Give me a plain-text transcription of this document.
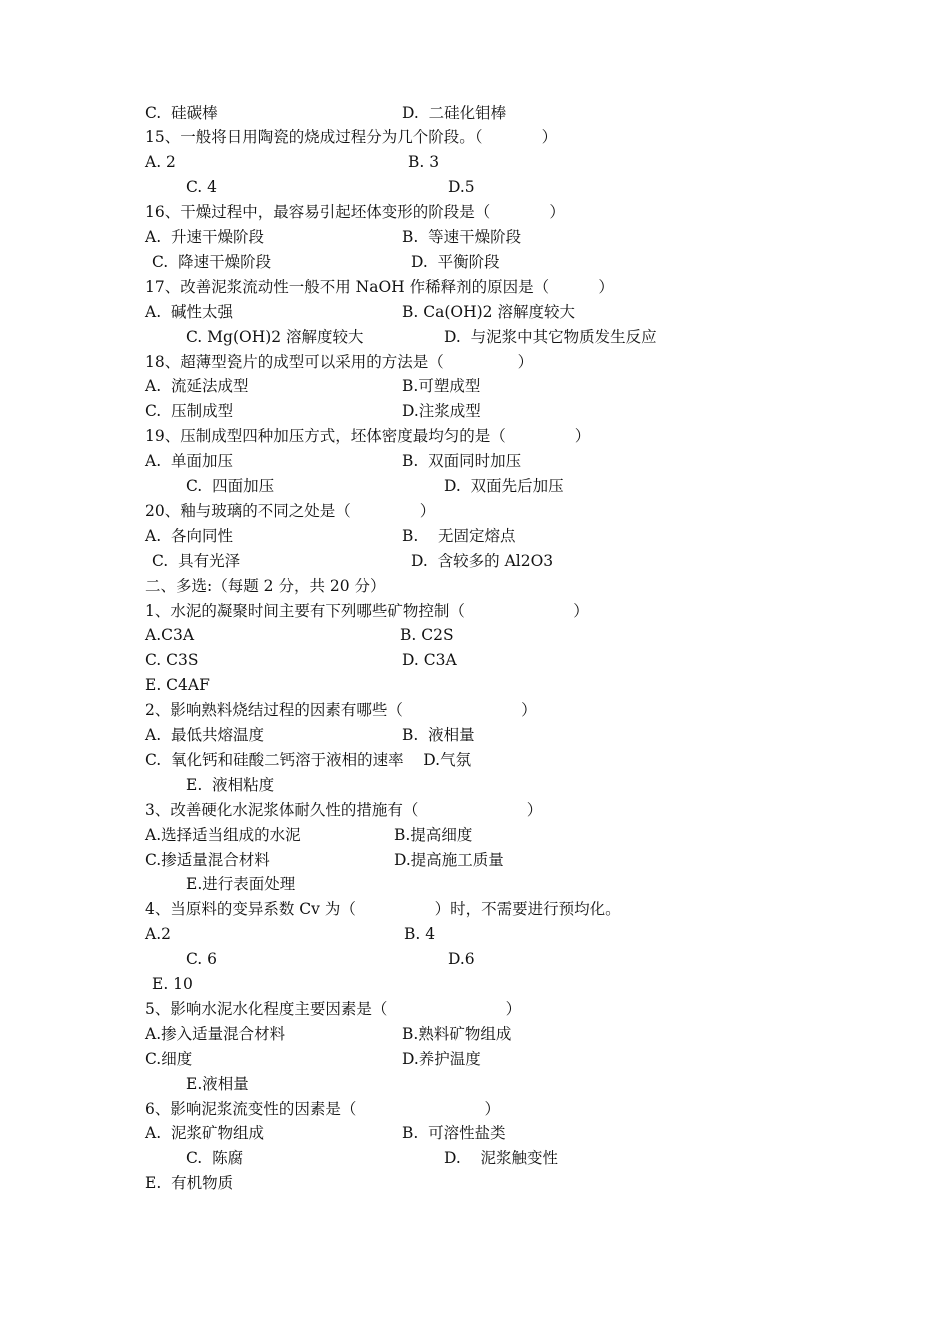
C.  硅碳棒	D.  二硅化钼棒
15、一般将日用陶瓷的烧成过程分为几个阶段。（            ）
A. 2	B. 3
C. 4	D.5
16、干燥过程中，最容易引起坯体变形的阶段是（            ）
A.  升速干燥阶段	B.  等速干燥阶段
C.  降速干燥阶段	D.  平衡阶段
17、改善泥浆流动性一般不用 NaOH 作稀释剂的原因是（          ）
A.  碱性太强	B. Ca(OH)2 溶解度较大
C. Mg(OH)2 溶解度较大	D.  与泥浆中其它物质发生反应
18、超薄型瓷片的成型可以采用的方法是（               ）
A.  流延法成型	B.可塑成型
C.  压制成型	D.注浆成型
19、压制成型四种加压方式，坯体密度最均匀的是（              ）
A.  单面加压	B.  双面同时加压
C.  四面加压	D.  双面先后加压
20、釉与玻璃的不同之处是（              ）
A.  各向同性	B.    无固定熔点
C.  具有光泽	D.  含较多的 Al2O3
二、多选:（每题 2 分，共 20 分）
1、水泥的凝聚时间主要有下列哪些矿物控制（                      ）
A.C3A	B. C2S
C. C3S	D. C3A
E. C4AF
2、影响熟料烧结过程的因素有哪些（                        ）
A.  最低共熔温度	B.  液相量
C.  氧化钙和硅酸二钙溶于液相的速率    D.气氛
E.  液相粘度
3、改善硬化水泥浆体耐久性的措施有（                      ）
A.选择适当组成的水泥	B.提高细度
C.掺适量混合材料	D.提高施工质量
E.进行表面处理
4、当原料的变异系数 Cv 为（                ）时，不需要进行预均化。
A.2	B. 4
C. 6	D.6
E. 10
5、影响水泥水化程度主要因素是（                        ）
A.掺入适量混合材料	B.熟料矿物组成
C.细度	D.养护温度
E.液相量
6、影响泥浆流变性的因素是（                          ）
A.  泥浆矿物组成	B.  可溶性盐类
C.  陈腐	D.    泥浆触变性
E.  有机物质
